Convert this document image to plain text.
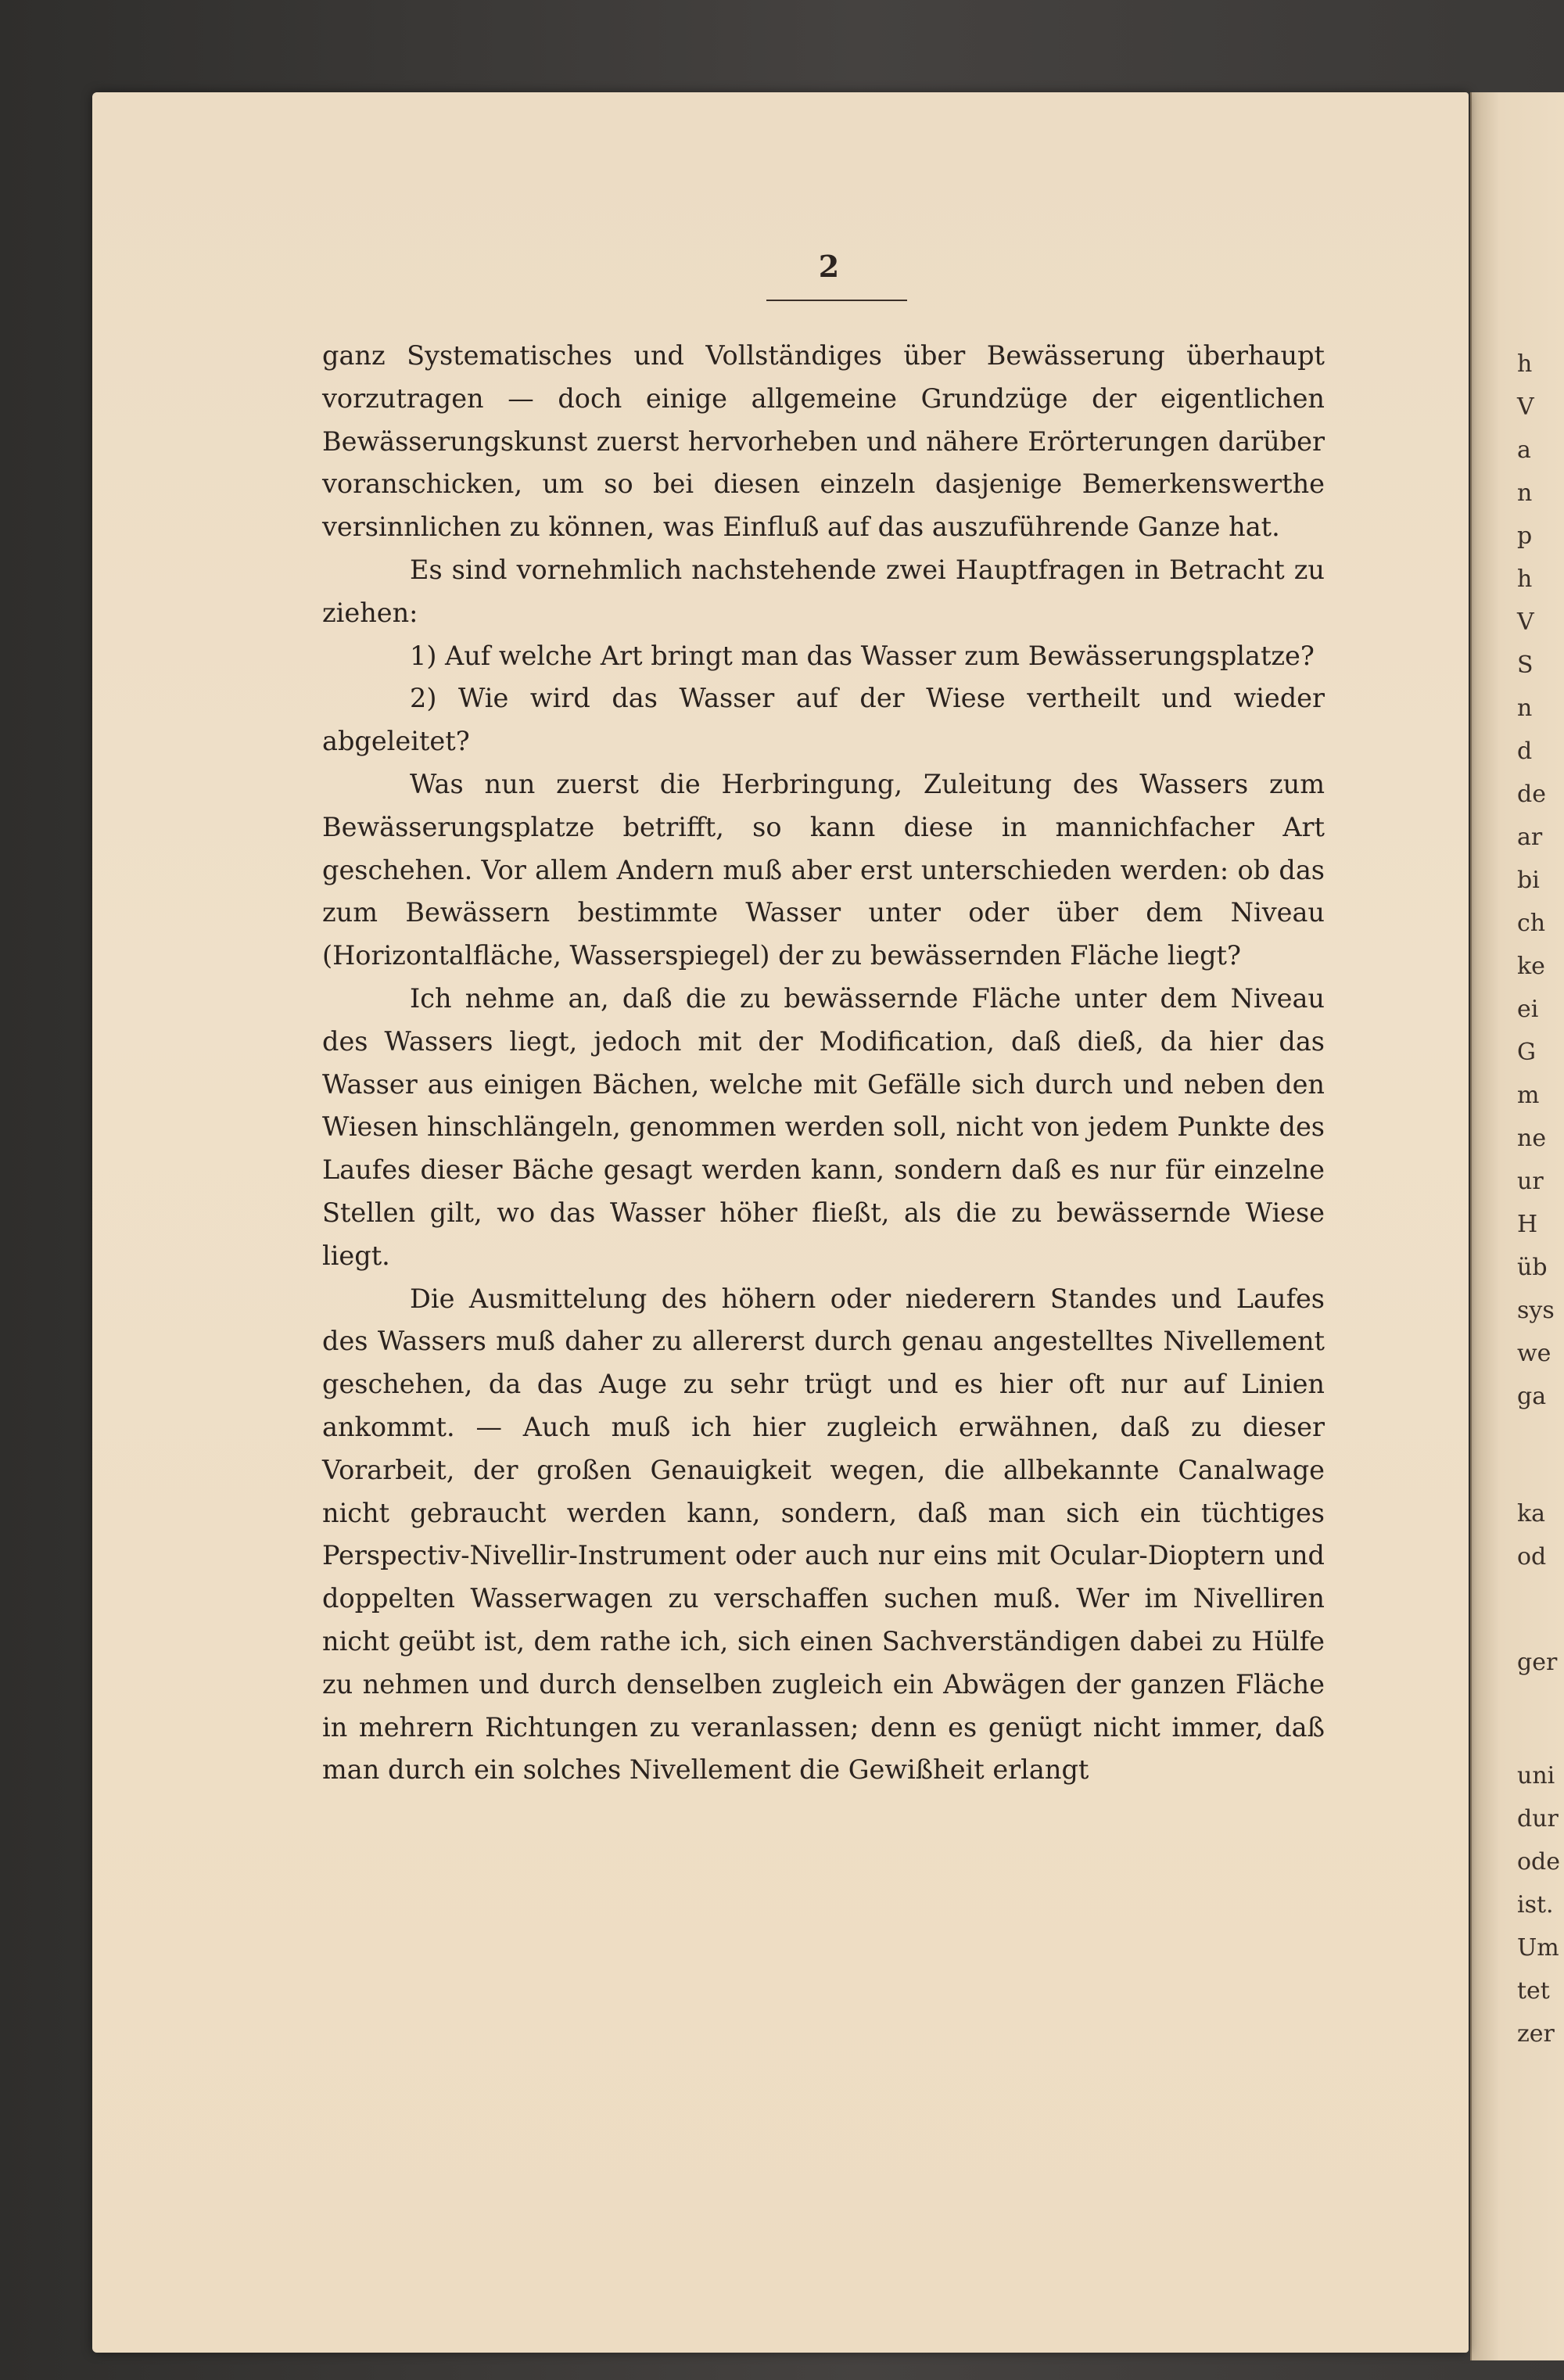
h
V
a
n
p
h
V
S
n
d
de
ar
bi
ch
ke
ei
G
m
ne
ur
H
üb
sys
we
ga
ka
od
ger
uni
dur
ode
ist.
Um
tet
zer
2

ganz Systematisches und Vollständiges über Bewässerung überhaupt vorzutragen — doch einige allgemeine Grundzüge der eigentlichen Bewässerungskunst zuerst hervorheben und nähere Erörterungen darüber voranschicken, um so bei diesen einzeln dasjenige Bemerkenswerthe versinnlichen zu können, was Einfluß auf das auszuführende Ganze hat.

Es sind vornehmlich nachstehende zwei Hauptfragen in Betracht zu ziehen:

1) Auf welche Art bringt man das Wasser zum Bewässerungsplatze?

2) Wie wird das Wasser auf der Wiese vertheilt und wieder abgeleitet?

Was nun zuerst die Herbringung, Zuleitung des Wassers zum Bewässerungsplatze betrifft, so kann diese in mannichfacher Art geschehen. Vor allem Andern muß aber erst unterschieden werden: ob das zum Bewässern bestimmte Wasser unter oder über dem Niveau (Horizontalfläche, Wasserspiegel) der zu bewässernden Fläche liegt?

Ich nehme an, daß die zu bewässernde Fläche unter dem Niveau des Wassers liegt, jedoch mit der Modification, daß dieß, da hier das Wasser aus einigen Bächen, welche mit Gefälle sich durch und neben den Wiesen hinschlängeln, genommen werden soll, nicht von jedem Punkte des Laufes dieser Bäche gesagt werden kann, sondern daß es nur für einzelne Stellen gilt, wo das Wasser höher fließt, als die zu bewässernde Wiese liegt.

Die Ausmittelung des höhern oder niederern Standes und Laufes des Wassers muß daher zu allererst durch genau angestelltes Nivellement geschehen, da das Auge zu sehr trügt und es hier oft nur auf Linien ankommt. — Auch muß ich hier zugleich erwähnen, daß zu dieser Vorarbeit, der großen Genauigkeit wegen, die allbekannte Canalwage nicht gebraucht werden kann, sondern, daß man sich ein tüchtiges Perspectiv-Nivellir-Instrument oder auch nur eins mit Ocular-Dioptern und doppelten Wasserwagen zu verschaffen suchen muß. Wer im Nivelliren nicht geübt ist, dem rathe ich, sich einen Sachverständigen dabei zu Hülfe zu nehmen und durch denselben zugleich ein Abwägen der ganzen Fläche in mehrern Richtungen zu veranlassen; denn es genügt nicht immer, daß man durch ein solches Nivellement die Gewißheit erlangt
